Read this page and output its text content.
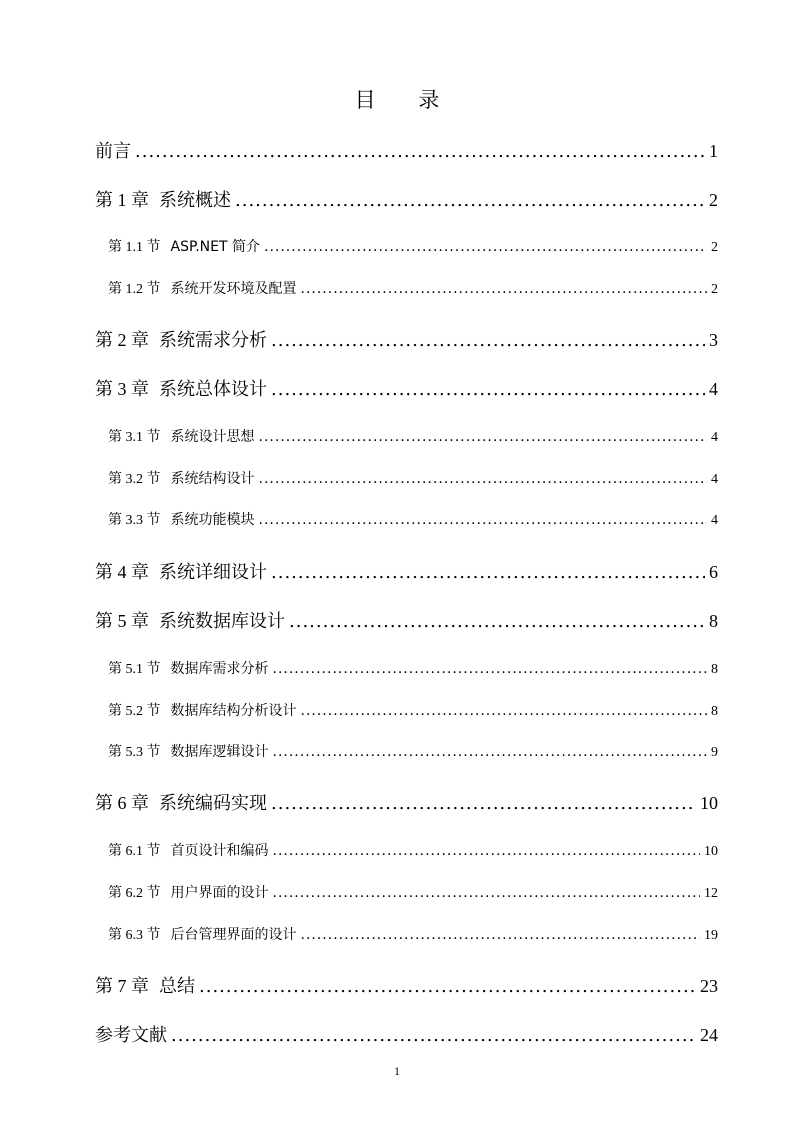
目 录
前言 .....	1
第 1 章 系统概述 .....	2
第 1.1 节 ASP.NET 简介 .....	2
第 1.2 节 系统开发环境及配置 .....	2
第 2 章 系统需求分析 .....	3
第 3 章 系统总体设计 .....	4
第 3.1 节 系统设计思想 .....	4
第 3.2 节 系统结构设计 .....	4
第 3.3 节 系统功能模块 .....	4
第 4 章 系统详细设计 .....	6
第 5 章 系统数据库设计 .....	8
第 5.1 节 数据库需求分析 .....	8
第 5.2 节 数据库结构分析设计 .....	8
第 5.3 节 数据库逻辑设计 .....	9
第 6 章 系统编码实现 .....	10
第 6.1 节 首页设计和编码 .....	10
第 6.2 节 用户界面的设计 .....	12
第 6.3 节 后台管理界面的设计 .....	19
第 7 章 总结 .....	23
参考文献 .....	24
1
